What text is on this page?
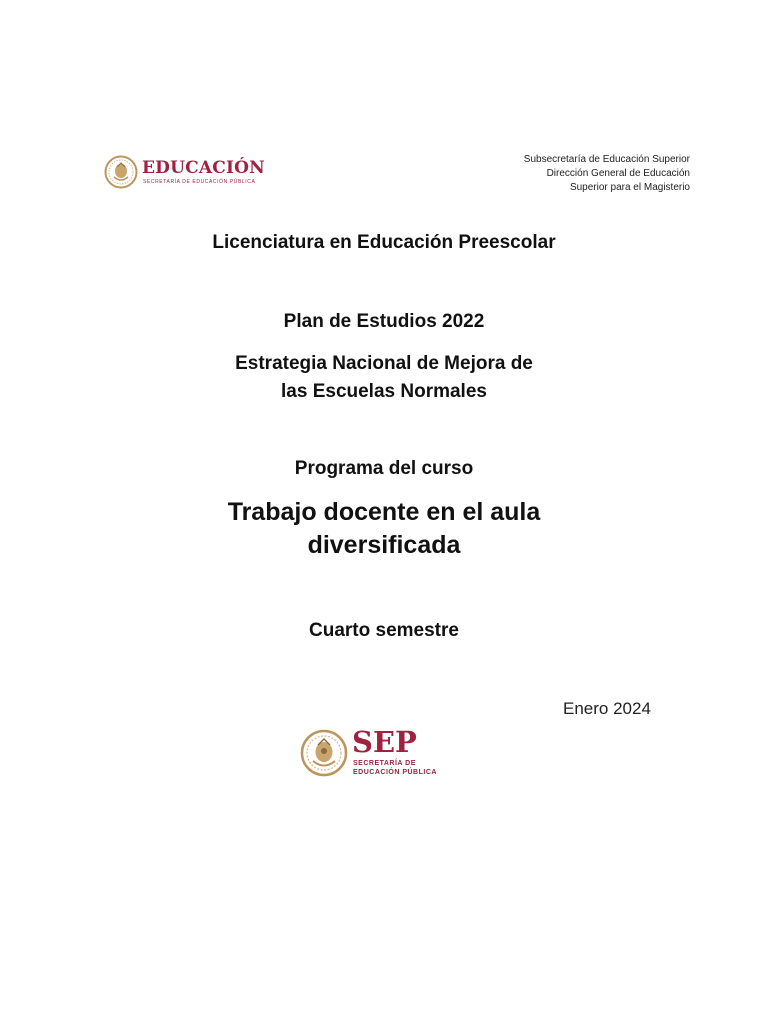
EDUCACIÓN
SECRETARÍA DE EDUCACIÓN PÚBLICA
Subsecretaría de Educación Superior
Dirección General de Educación
Superior para el Magisterio
Licenciatura en Educación Preescolar
Plan de Estudios 2022
Estrategia Nacional de Mejora de
las Escuelas Normales
Programa del curso
Trabajo docente en el aula
diversificada
Cuarto semestre
Enero 2024
SEP
SECRETARÍA DE
EDUCACIÓN PÚBLICA
